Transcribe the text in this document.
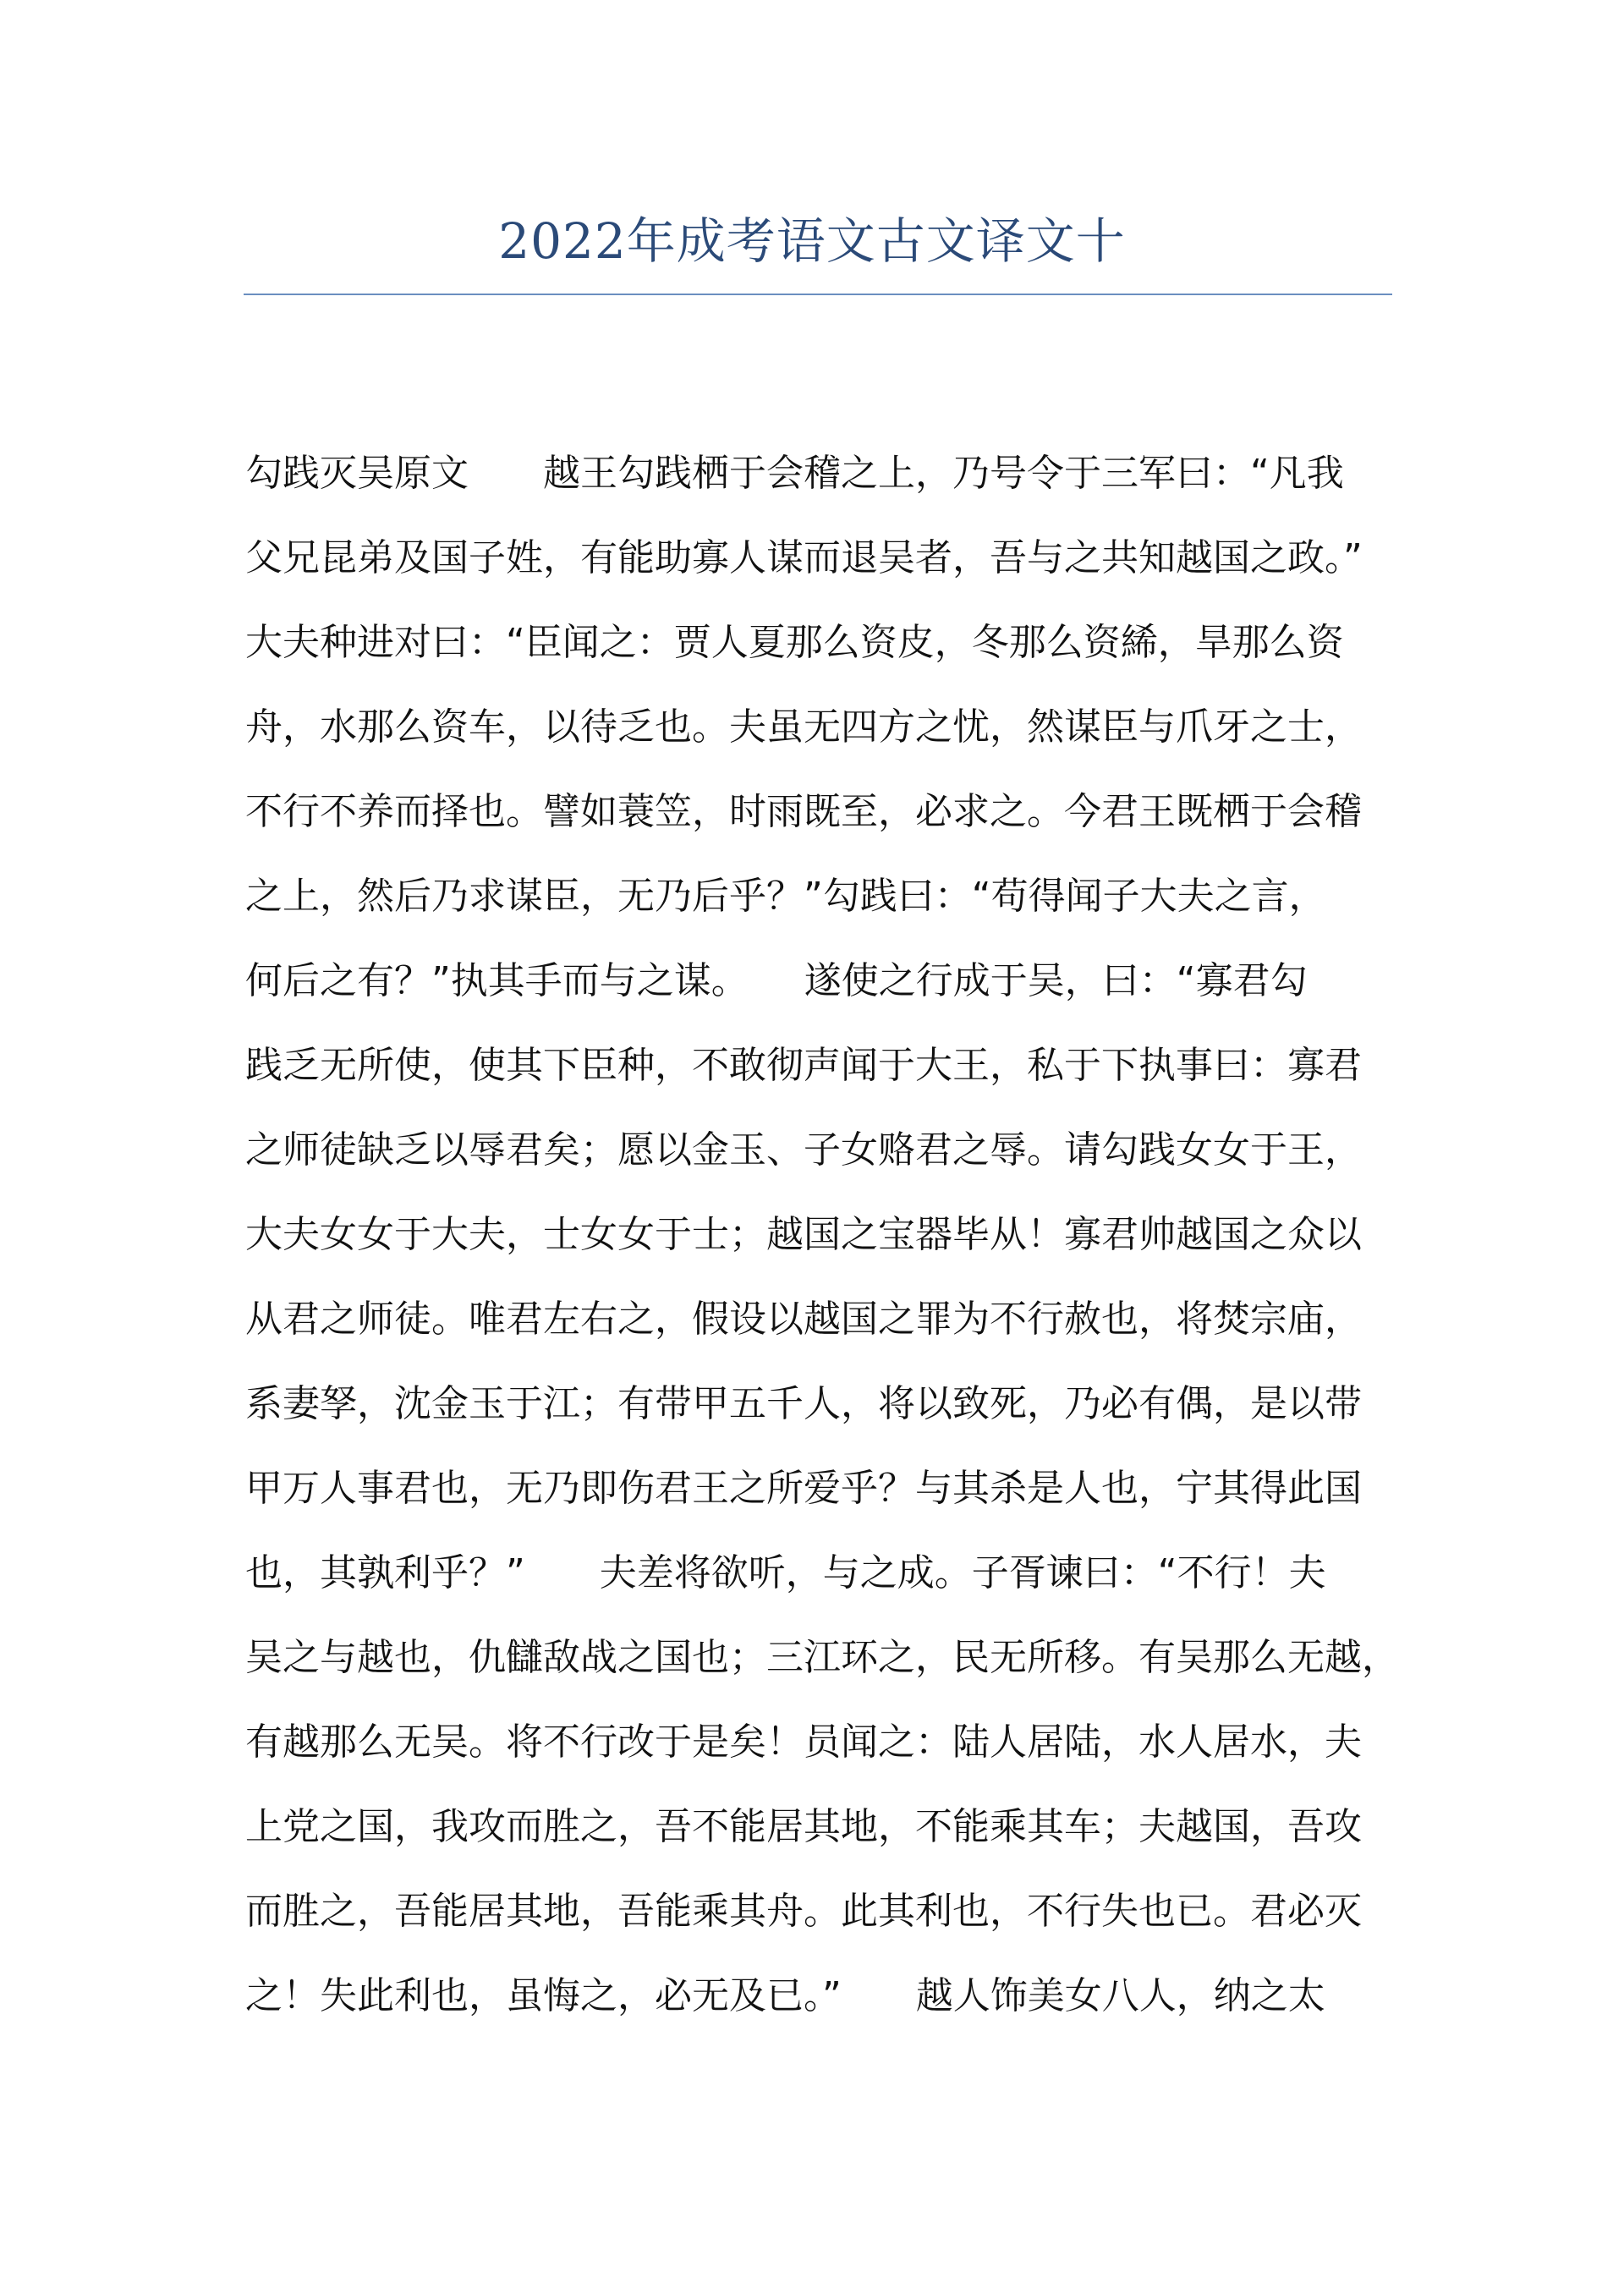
2022年成考语文古文译文十
勾践灭吴原文　　越王勾践栖于会稽之上，乃号令于三军曰：“凡我
父兄昆弟及国子姓，有能助寡人谋而退吴者，吾与之共知越国之政。”
大夫种进对曰：“臣闻之：贾人夏那么资皮，冬那么资絺，旱那么资
舟，水那么资车，以待乏也。夫虽无四方之忧，然谋臣与爪牙之士，
不行不养而择也。譬如蓑笠，时雨既至，必求之。今君王既栖于会稽
之上，然后乃求谋臣，无乃后乎？”勾践曰：“苟得闻子大夫之言，
何后之有？”执其手而与之谋。　　遂使之行成于吴，曰：“寡君勾
践乏无所使，使其下臣种，不敢彻声闻于大王，私于下执事曰：寡君
之师徒缺乏以辱君矣；愿以金玉、子女赂君之辱。请勾践女女于王，
大夫女女于大夫，士女女于士；越国之宝器毕从！寡君帅越国之众以
从君之师徒。唯君左右之，假设以越国之罪为不行赦也，将焚宗庙，
系妻孥，沈金玉于江；有带甲五千人，将以致死，乃必有偶，是以带
甲万人事君也，无乃即伤君王之所爱乎？与其杀是人也，宁其得此国
也，其孰利乎？”　　夫差将欲听，与之成。子胥谏曰：“不行！夫
吴之与越也，仇讎敌战之国也；三江环之，民无所移。有吴那么无越，
有越那么无吴。将不行改于是矣！员闻之：陆人居陆，水人居水，夫
上党之国，我攻而胜之，吾不能居其地，不能乘其车；夫越国，吾攻
而胜之，吾能居其地，吾能乘其舟。此其利也，不行失也已。君必灭
之！失此利也，虽悔之，必无及已。”　　越人饰美女八人，纳之太
